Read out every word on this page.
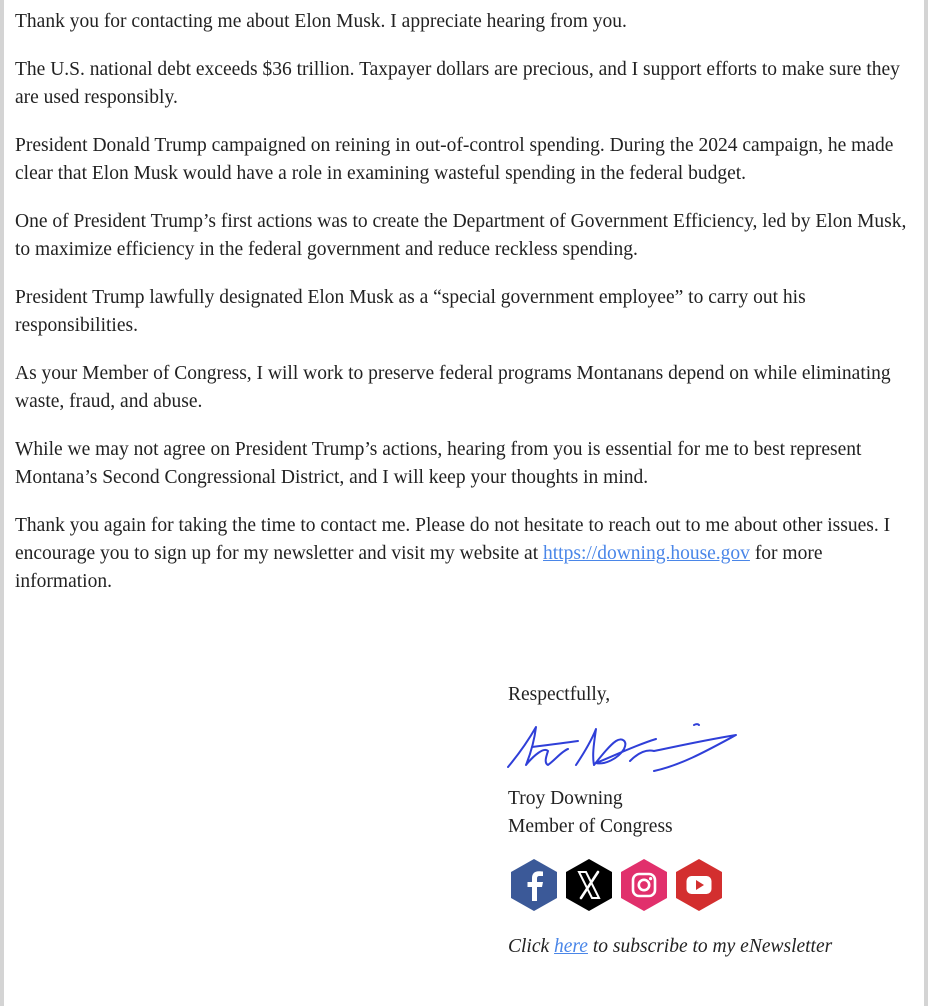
Thank you for contacting me about Elon Musk. I appreciate hearing from you.

The U.S. national debt exceeds $36 trillion. Taxpayer dollars are precious, and I support efforts to make sure they are used responsibly.

President Donald Trump campaigned on reining in out-of-control spending. During the 2024 campaign, he made clear that Elon Musk would have a role in examining wasteful spending in the federal budget.

One of President Trump’s first actions was to create the Department of Government Efficiency, led by Elon Musk, to maximize efficiency in the federal government and reduce reckless spending.

President Trump lawfully designated Elon Musk as a “special government employee” to carry out his responsibilities.

As your Member of Congress, I will work to preserve federal programs Montanans depend on while eliminating waste, fraud, and abuse.

While we may not agree on President Trump’s actions, hearing from you is essential for me to best represent Montana’s Second Congressional District, and I will keep your thoughts in mind.

Thank you again for taking the time to contact me. Please do not hesitate to reach out to me about other issues. I encourage you to sign up for my newsletter and visit my website at https://downing.house.gov for more information.

Respectfully,
Troy Downing
Member of Congress
X
Click here to subscribe to my eNewsletter
